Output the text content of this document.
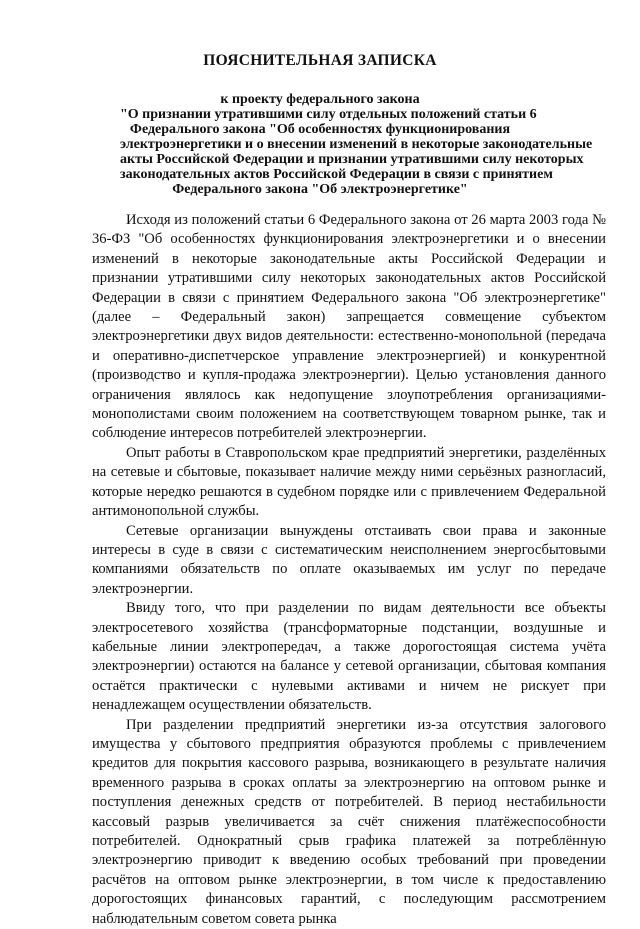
ПОЯСНИТЕЛЬНАЯ ЗАПИСКА
к проекту федерального закона
"О признании утратившими силу отдельных положений статьи 6
Федерального закона "Об особенностях функционирования
электроэнергетики и о внесении изменений в некоторые законодательные
акты Российской Федерации и признании утратившими силу некоторых
законодательных актов Российской Федерации в связи с принятием
Федерального закона "Об электроэнергетике"

Исходя из положений статьи 6 Федерального закона от 26 марта 2003 года № 36-ФЗ "Об особенностях функционирования электроэнергетики и о внесении изменений в некоторые законодательные акты Российской Федерации и признании утратившими силу некоторых законодательных актов Российской Федерации в связи с принятием Федерального закона "Об электроэнергетике" (далее – Федеральный закон) запрещается совмещение субъектом электроэнергетики двух видов деятельности: естественно-монопольной (передача и оперативно-диспетчерское управление электроэнергией) и конкурентной (производство и купля-продажа электроэнергии). Целью установления данного ограничения являлось как недопущение злоупотребления организациями-монополистами своим положением на соответствующем товарном рынке, так и соблюдение интересов потребителей электроэнергии.

Опыт работы в Ставропольском крае предприятий энергетики, разделённых на сетевые и сбытовые, показывает наличие между ними серьёзных разногласий, которые нередко решаются в судебном порядке или с привлечением Федеральной антимонопольной службы.

Сетевые организации вынуждены отстаивать свои права и законные интересы в суде в связи с систематическим неисполнением энергосбытовыми компаниями обязательств по оплате оказываемых им услуг по передаче электроэнергии.

Ввиду того, что при разделении по видам деятельности все объекты электросетевого хозяйства (трансформаторные подстанции, воздушные и кабельные линии электропередач, а также дорогостоящая система учёта электроэнергии) остаются на балансе у сетевой организации, сбытовая компания остаётся практически с нулевыми активами и ничем не рискует при ненадлежащем осуществлении обязательств.

При разделении предприятий энергетики из-за отсутствия залогового имущества у сбытового предприятия образуются проблемы с привлечением кредитов для покрытия кассового разрыва, возникающего в результате наличия временного разрыва в сроках оплаты за электроэнергию на оптовом рынке и поступления денежных средств от потребителей. В период нестабильности кассовый разрыв увеличивается за счёт снижения платёжеспособности потребителей. Однократный срыв графика платежей за потреблённую электроэнергию приводит к введению особых требований при проведении расчётов на оптовом рынке электроэнергии, в том числе к предоставлению дорогостоящих финансовых гарантий, с последующим рассмотрением наблюдательным советом совета рынка
